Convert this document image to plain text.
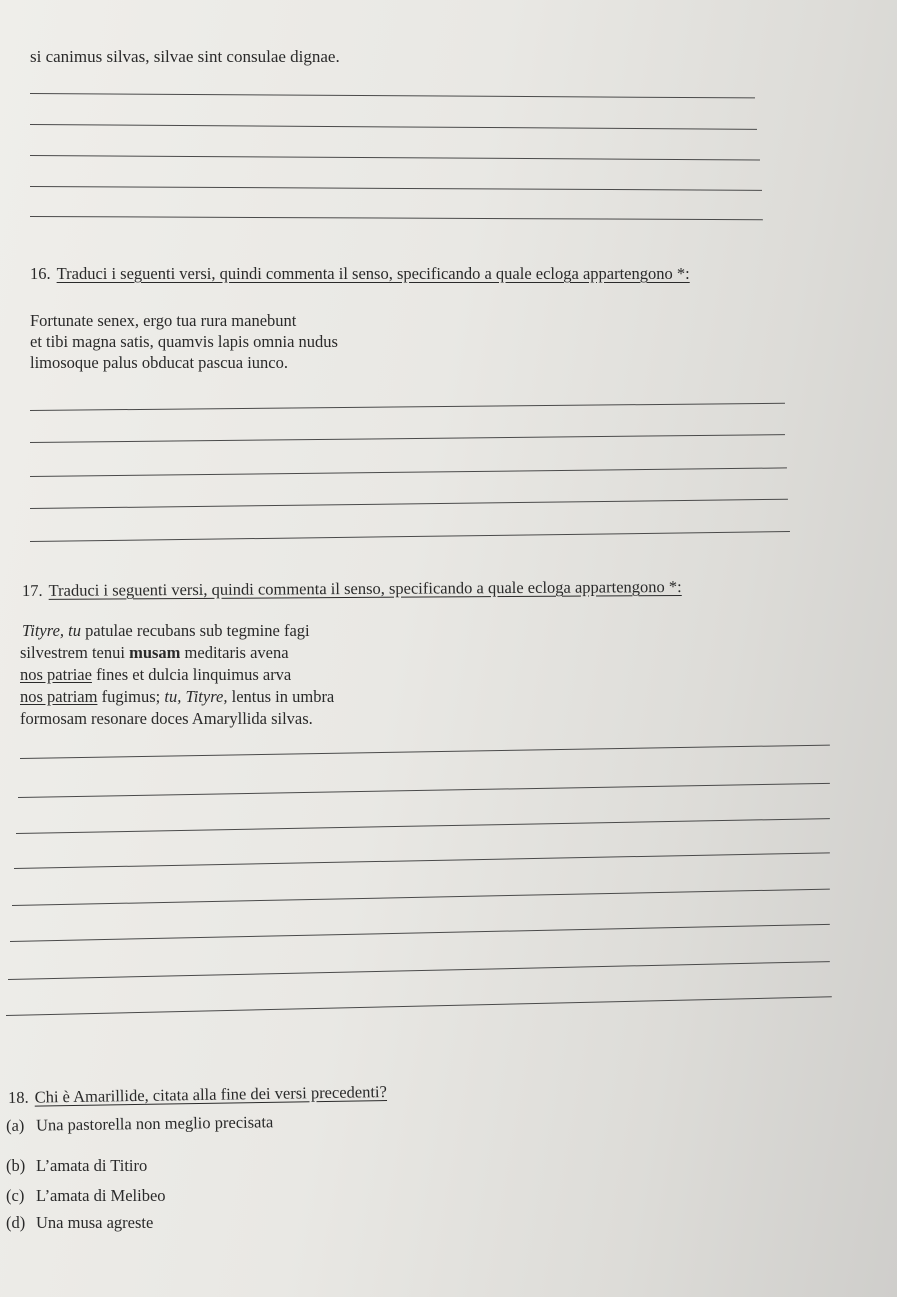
si canimus silvas, silvae sint consulae dignae.
16. Traduci i seguenti versi, quindi commenta il senso, specificando a quale ecloga appartengono *:
Fortunate senex, ergo tua rura manebunt
et tibi magna satis, quamvis lapis omnia nudus
limosoque palus obducat pascua iunco.
17. Traduci i seguenti versi, quindi commenta il senso, specificando a quale ecloga appartengono *:
Tityre, tu patulae recubans sub tegmine fagi
silvestrem tenui musam meditaris avena
nos patriae fines et dulcia linquimus arva
nos patriam fugimus; tu, Tityre, lentus in umbra
formosam resonare doces Amaryllida silvas.
18. Chi è Amarillide, citata alla fine dei versi precedenti?
(a) Una pastorella non meglio precisata
(b) L’amata di Titiro
(c) L’amata di Melibeo
(d) Una musa agreste
